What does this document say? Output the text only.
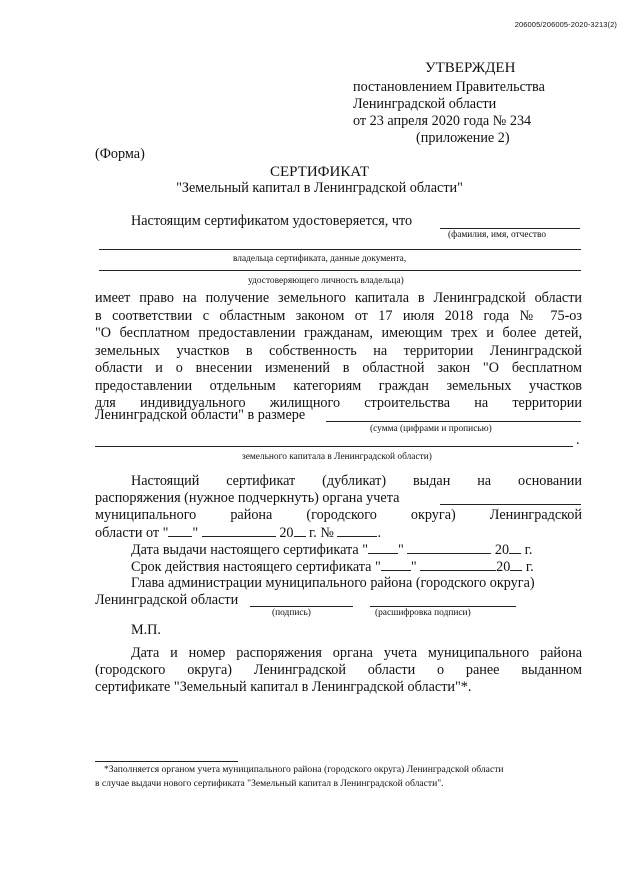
206005/206005-2020-3213(2)
УТВЕРЖДЕН
постановлением Правительства
Ленинградской области
от 23 апреля 2020 года № 234
(приложение 2)
(Форма)
СЕРТИФИКАТ
"Земельный капитал в Ленинградской области"
Настоящим сертификатом удостоверяется, что
(фамилия, имя, отчество
владельца сертификата, данные документа,
удостоверяющего личность владельца)
имеет право на получение земельного капитала в Ленинградской области
в соответствии с областным законом от 17 июля 2018 года № 75-оз
"О бесплатном предоставлении гражданам, имеющим трех и более детей,
земельных участков в собственность на территории Ленинградской
области и о внесении изменений в областной закон "О бесплатном
предоставлении отдельным категориям граждан земельных участков
для индивидуального жилищного строительства на территории
Ленинградской области" в размере
(сумма (цифрами и прописью)
.
земельного капитала в Ленинградской области)
Настоящий сертификат (дубликат) выдан на основании
распоряжения (нужное подчеркнуть) органа учета
муниципального района (городского округа) Ленинградской
области от " "	20 г. №	.
Дата выдачи настоящего сертификата " "	20 г.
Срок действия настоящего сертификата " "	20 г.
Глава администрации муниципального района (городского округа)
Ленинградской области
(подпись)	(расшифровка подписи)
М.П.
Дата и номер распоряжения органа учета муниципального района
(городского округа) Ленинградской области о ранее выданном
сертификате "Земельный капитал в Ленинградской области"*.
*Заполняется органом учета муниципального района (городского округа) Ленинградской области
в случае выдачи нового сертификата "Земельный капитал в Ленинградской области".
